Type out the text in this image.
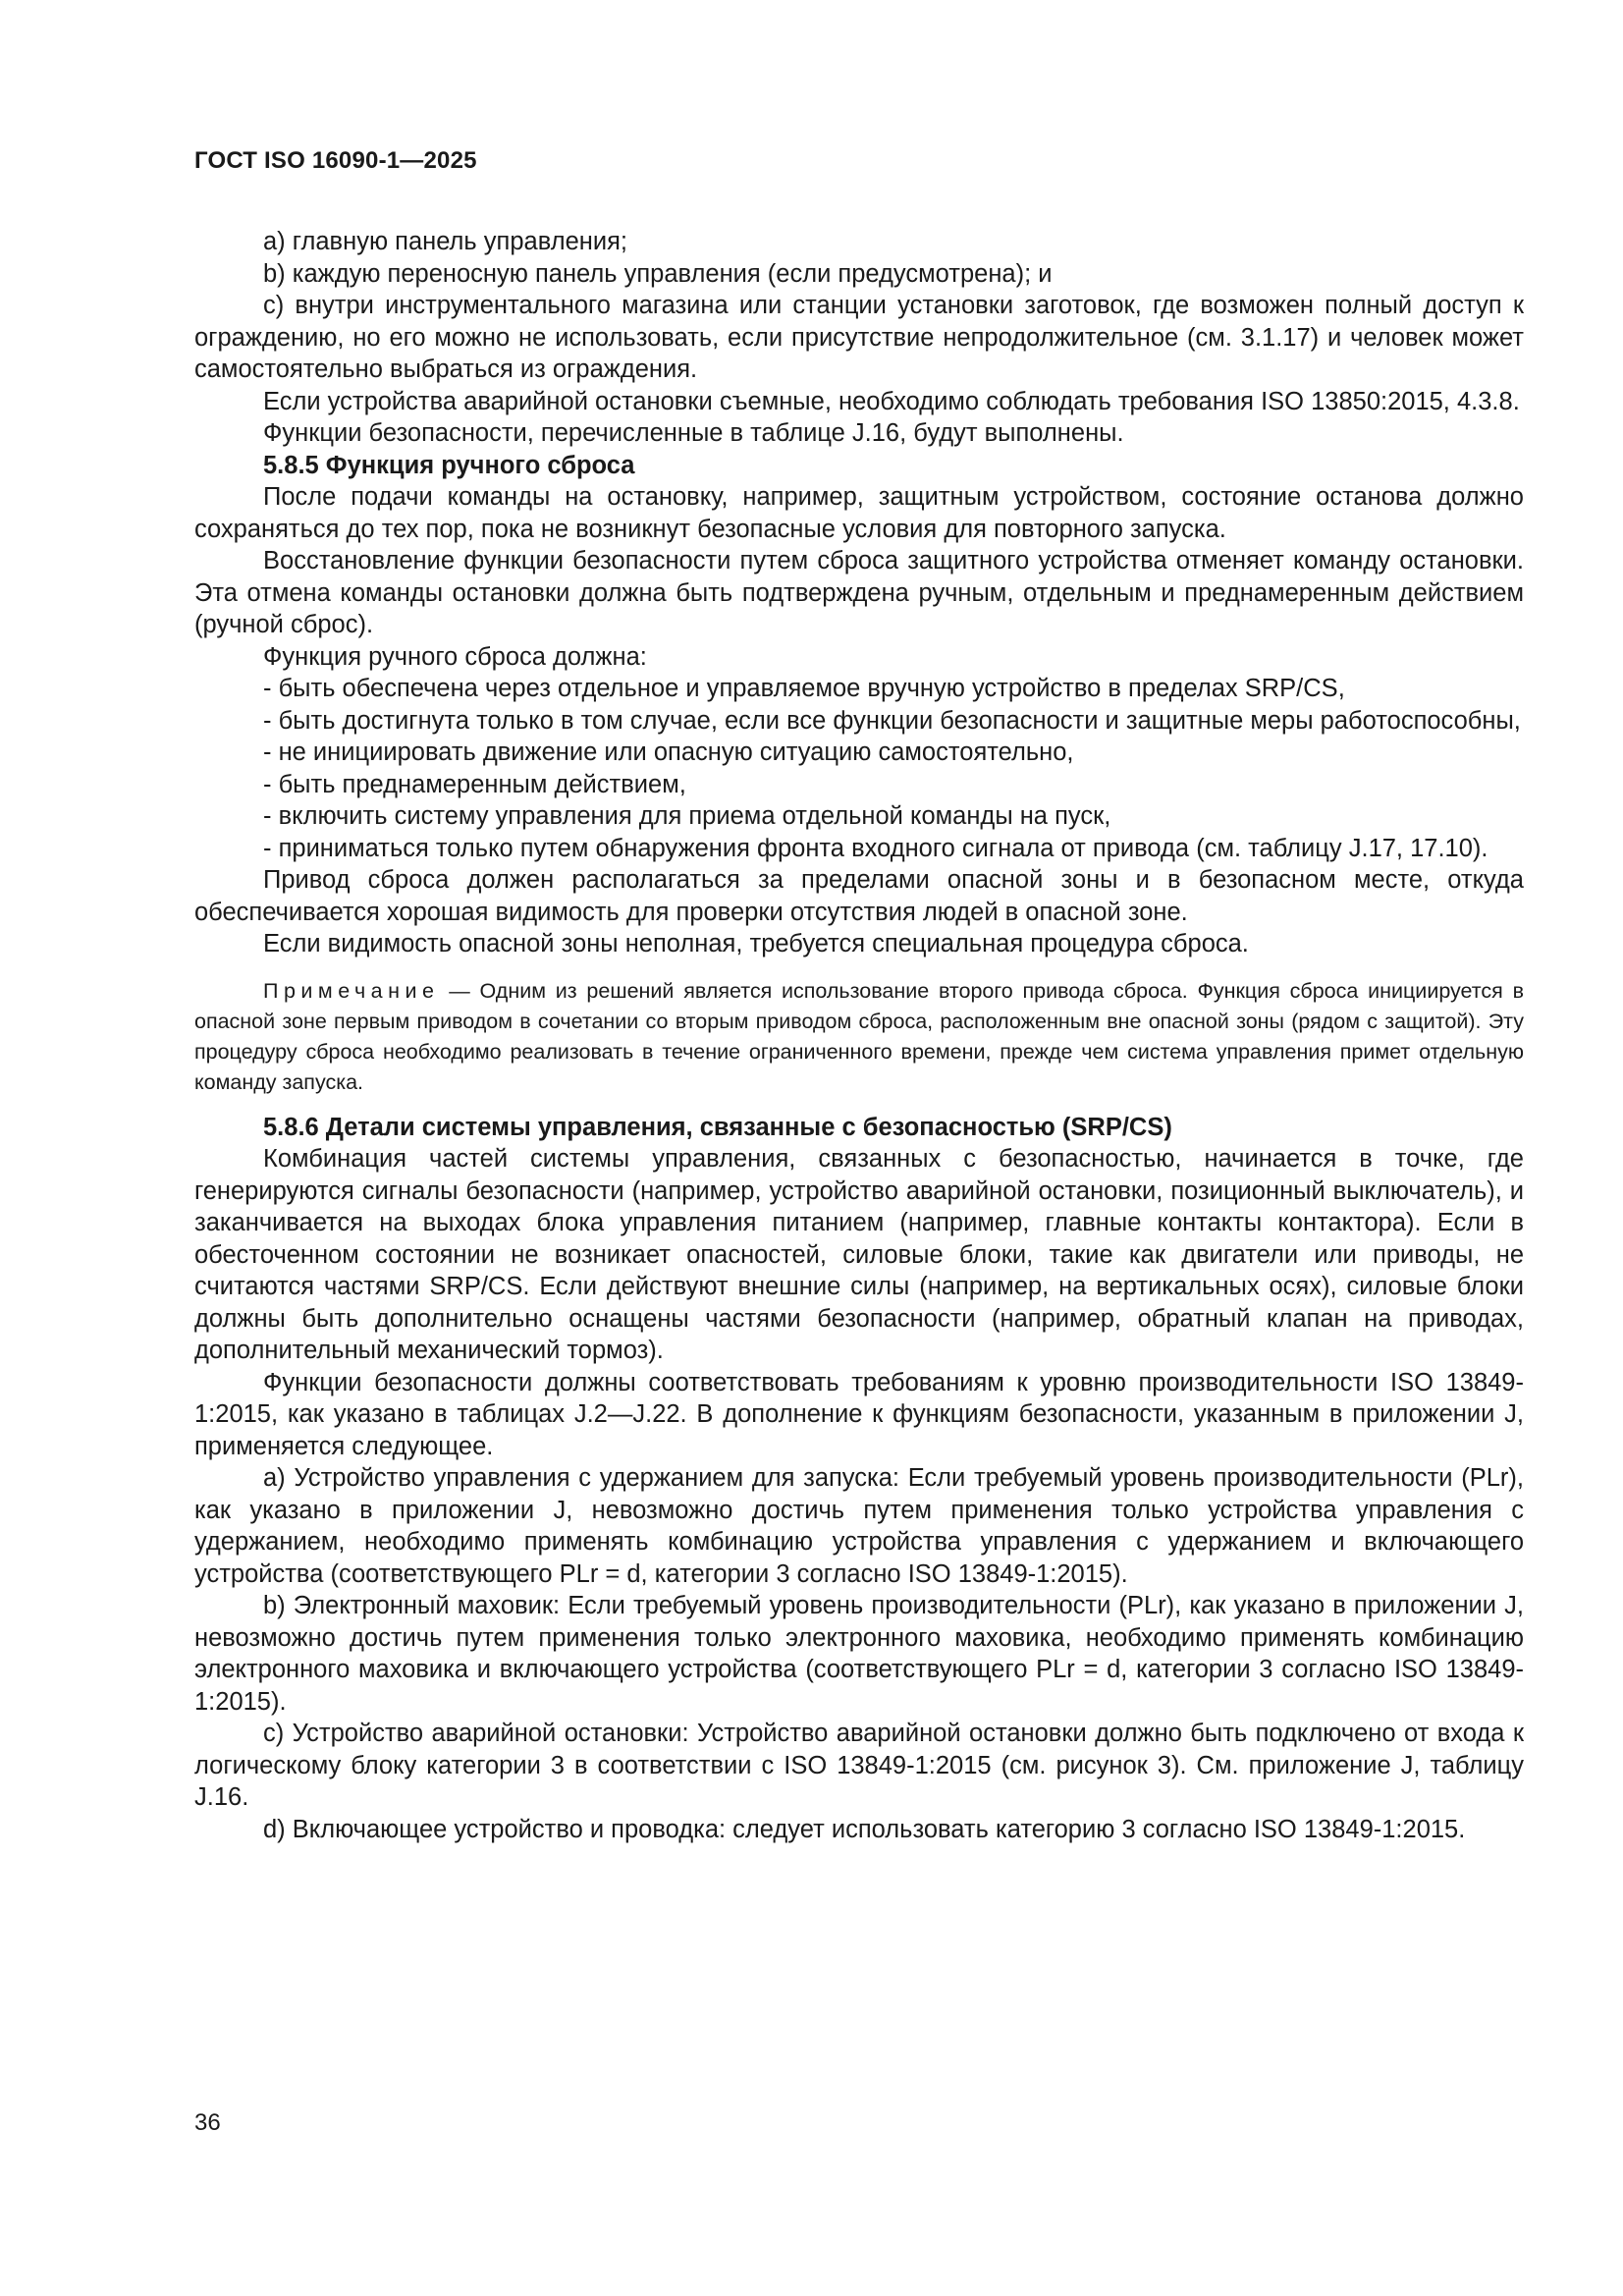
ГОСТ ISO 16090-1—2025

a) главную панель управления;

b) каждую переносную панель управления (если предусмотрена); и

c) внутри инструментального магазина или станции установки заготовок, где возможен полный доступ к ограждению, но его можно не использовать, если присутствие непродолжительное (см. 3.1.17) и человек может самостоятельно выбраться из ограждения.

Если устройства аварийной остановки съемные, необходимо соблюдать требования ISO 13850:2015, 4.3.8.

Функции безопасности, перечисленные в таблице J.16, будут выполнены.

5.8.5 Функция ручного сброса

После подачи команды на остановку, например, защитным устройством, состояние останова должно сохраняться до тех пор, пока не возникнут безопасные условия для повторного запуска.

Восстановление функции безопасности путем сброса защитного устройства отменяет команду остановки. Эта отмена команды остановки должна быть подтверждена ручным, отдельным и преднамеренным действием (ручной сброс).

Функция ручного сброса должна:

- быть обеспечена через отдельное и управляемое вручную устройство в пределах SRP/CS,

- быть достигнута только в том случае, если все функции безопасности и защитные меры работоспособны,

- не инициировать движение или опасную ситуацию самостоятельно,

- быть преднамеренным действием,

- включить систему управления для приема отдельной команды на пуск,

- приниматься только путем обнаружения фронта входного сигнала от привода (см. таблицу J.17, 17.10).

Привод сброса должен располагаться за пределами опасной зоны и в безопасном месте, откуда обеспечивается хорошая видимость для проверки отсутствия людей в опасной зоне.

Если видимость опасной зоны неполная, требуется специальная процедура сброса.

Примечание — Одним из решений является использование второго привода сброса. Функция сброса инициируется в опасной зоне первым приводом в сочетании со вторым приводом сброса, расположенным вне опасной зоны (рядом с защитой). Эту процедуру сброса необходимо реализовать в течение ограниченного времени, прежде чем система управления примет отдельную команду запуска.

5.8.6 Детали системы управления, связанные с безопасностью (SRP/CS)

Комбинация частей системы управления, связанных с безопасностью, начинается в точке, где генерируются сигналы безопасности (например, устройство аварийной остановки, позиционный выключатель), и заканчивается на выходах блока управления питанием (например, главные контакты контактора). Если в обесточенном состоянии не возникает опасностей, силовые блоки, такие как двигатели или приводы, не считаются частями SRP/CS. Если действуют внешние силы (например, на вертикальных осях), силовые блоки должны быть дополнительно оснащены частями безопасности (например, обратный клапан на приводах, дополнительный механический тормоз).

Функции безопасности должны соответствовать требованиям к уровню производительности ISO 13849-1:2015, как указано в таблицах J.2—J.22. В дополнение к функциям безопасности, указанным в приложении J, применяется следующее.

a) Устройство управления с удержанием для запуска: Если требуемый уровень производительности (PLr), как указано в приложении J, невозможно достичь путем применения только устройства управления с удержанием, необходимо применять комбинацию устройства управления с удержанием и включающего устройства (соответствующего PLr = d, категории 3 согласно ISO 13849-1:2015).

b) Электронный маховик: Если требуемый уровень производительности (PLr), как указано в приложении J, невозможно достичь путем применения только электронного маховика, необходимо применять комбинацию электронного маховика и включающего устройства (соответствующего PLr = d, категории 3 согласно ISO 13849-1:2015).

c) Устройство аварийной остановки: Устройство аварийной остановки должно быть подключено от входа к логическому блоку категории 3 в соответствии с ISO 13849-1:2015 (см. рисунок 3). См. приложение J, таблицу J.16.

d) Включающее устройство и проводка: следует использовать категорию 3 согласно ISO 13849-1:2015.

36
